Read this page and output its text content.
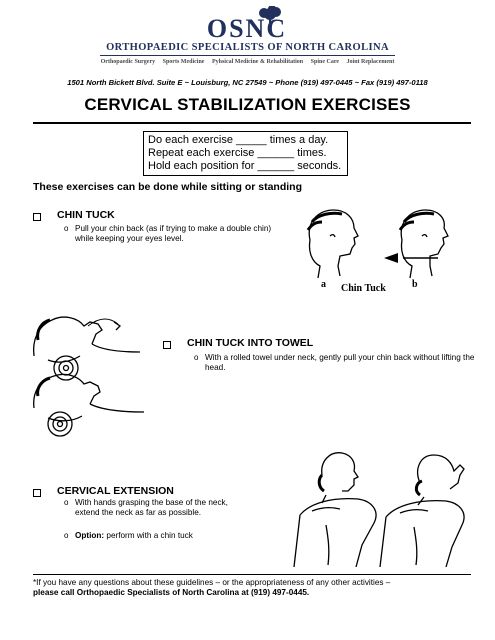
OSNC
ORTHOPAEDIC SPECIALISTS OF NORTH CAROLINA
Orthopaedic Surgery Sports Medicine Pyhsical Medicine & Rehabilitation Spine Care Joint Replacement
1501 North Bickett Blvd. Suite E ~ Louisburg, NC 27549 ~ Phone (919) 497-0445 ~ Fax (919) 497-0118
CERVICAL STABILIZATION EXERCISES
Do each exercise _____ times a day.
Repeat each exercise ______ times.
Hold each position for ______ seconds.
These exercises can be done while sitting or standing
CHIN TUCK
o Pull your chin back (as if trying to make a double chin) while keeping your eyes level.
a Chin Tuck	b
CHIN TUCK INTO TOWEL
o With a rolled towel under neck, gently pull your chin back without lifting the head.
CERVICAL EXTENSION
o With hands grasping the base of the neck, extend the neck as far as possible.
o Option: perform with a chin tuck
*If you have any questions about these guidelines – or the appropriateness of any other activities –
please call Orthopaedic Specialists of North Carolina at (919) 497-0445.
